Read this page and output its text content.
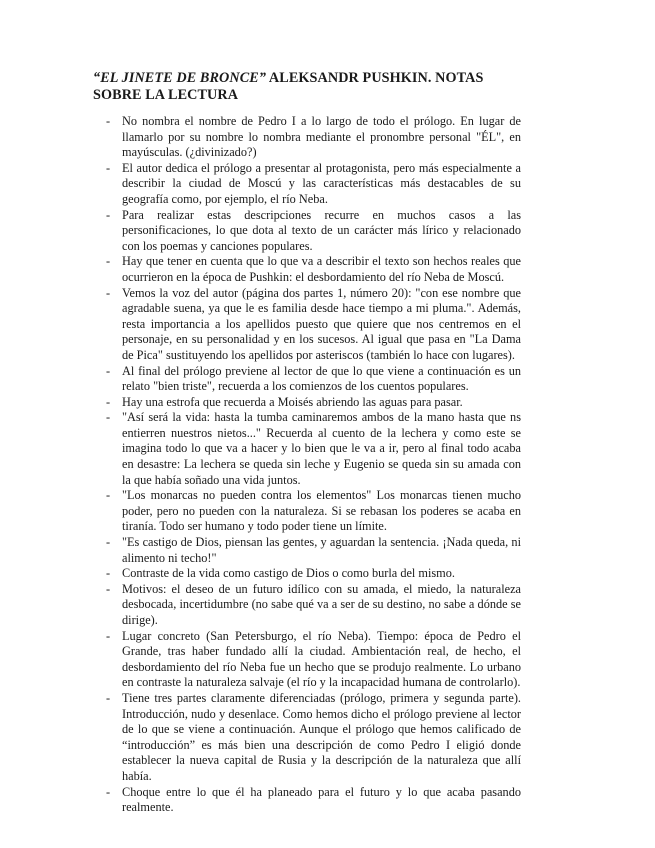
“EL JINETE DE BRONCE” ALEKSANDR PUSHKIN. NOTAS SOBRE LA LECTURA
- No nombra el nombre de Pedro I a lo largo de todo el prólogo. En lugar de llamarlo por su nombre lo nombra mediante el pronombre personal "ÉL", en mayúsculas. (¿divinizado?)
- El autor dedica el prólogo a presentar al protagonista, pero más especialmente a describir la ciudad de Moscú y las características más destacables de su geografía como, por ejemplo, el río Neba.
- Para realizar estas descripciones recurre en muchos casos a las personificaciones, lo que dota al texto de un carácter más lírico y relacionado con los poemas y canciones populares.
- Hay que tener en cuenta que lo que va a describir el texto son hechos reales que ocurrieron en la época de Pushkin: el desbordamiento del río Neba de Moscú.
- Vemos la voz del autor (página dos partes 1, número 20): "con ese nombre que agradable suena, ya que le es familia desde hace tiempo a mi pluma.". Además, resta importancia a los apellidos puesto que quiere que nos centremos en el personaje, en su personalidad y en los sucesos. Al igual que pasa en "La Dama de Pica" sustituyendo los apellidos por asteriscos (también lo hace con lugares).
- Al final del prólogo previene al lector de que lo que viene a continuación es un relato "bien triste", recuerda a los comienzos de los cuentos populares.
- Hay una estrofa que recuerda a Moisés abriendo las aguas para pasar.
- "Así será la vida: hasta la tumba caminaremos ambos de la mano hasta que ns entierren nuestros nietos..." Recuerda al cuento de la lechera y como este se imagina todo lo que va a hacer y lo bien que le va a ir, pero al final todo acaba en desastre: La lechera se queda sin leche y Eugenio se queda sin su amada con la que había soñado una vida juntos.
- "Los monarcas no pueden contra los elementos" Los monarcas tienen mucho poder, pero no pueden con la naturaleza. Si se rebasan los poderes se acaba en tiranía. Todo ser humano y todo poder tiene un límite.
- "Es castigo de Dios, piensan las gentes, y aguardan la sentencia. ¡Nada queda, ni alimento ni techo!"
- Contraste de la vida como castigo de Dios o como burla del mismo.
- Motivos: el deseo de un futuro idílico con su amada, el miedo, la naturaleza desbocada, incertidumbre (no sabe qué va a ser de su destino, no sabe a dónde se dirige).
- Lugar concreto (San Petersburgo, el río Neba). Tiempo: época de Pedro el Grande, tras haber fundado allí la ciudad. Ambientación real, de hecho, el desbordamiento del río Neba fue un hecho que se produjo realmente. Lo urbano en contraste la naturaleza salvaje (el río y la incapacidad humana de controlarlo).
- Tiene tres partes claramente diferenciadas (prólogo, primera y segunda parte). Introducción, nudo y desenlace. Como hemos dicho el prólogo previene al lector de lo que se viene a continuación. Aunque el prólogo que hemos calificado de “introducción” es más bien una descripción de como Pedro I eligió donde establecer la nueva capital de Rusia y la descripción de la naturaleza que allí había.
- Choque entre lo que él ha planeado para el futuro y lo que acaba pasando realmente.
